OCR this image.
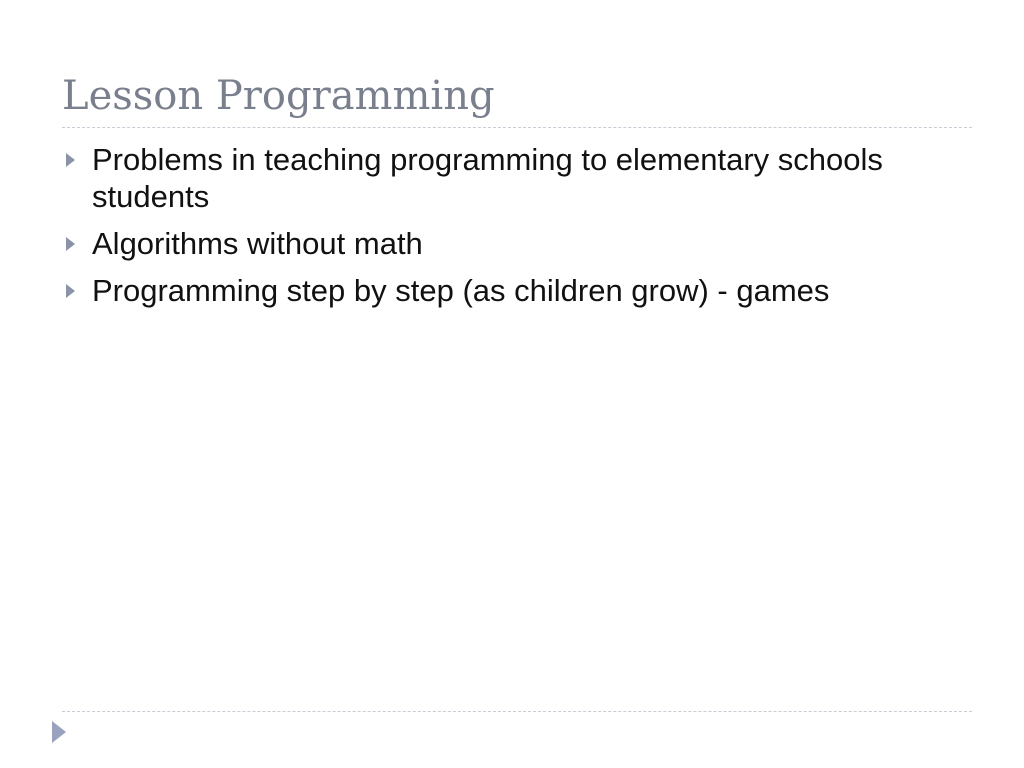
Lesson Programming
Problems in teaching programming to elementary schools students
Algorithms without math
Programming step by step (as children grow) - games
